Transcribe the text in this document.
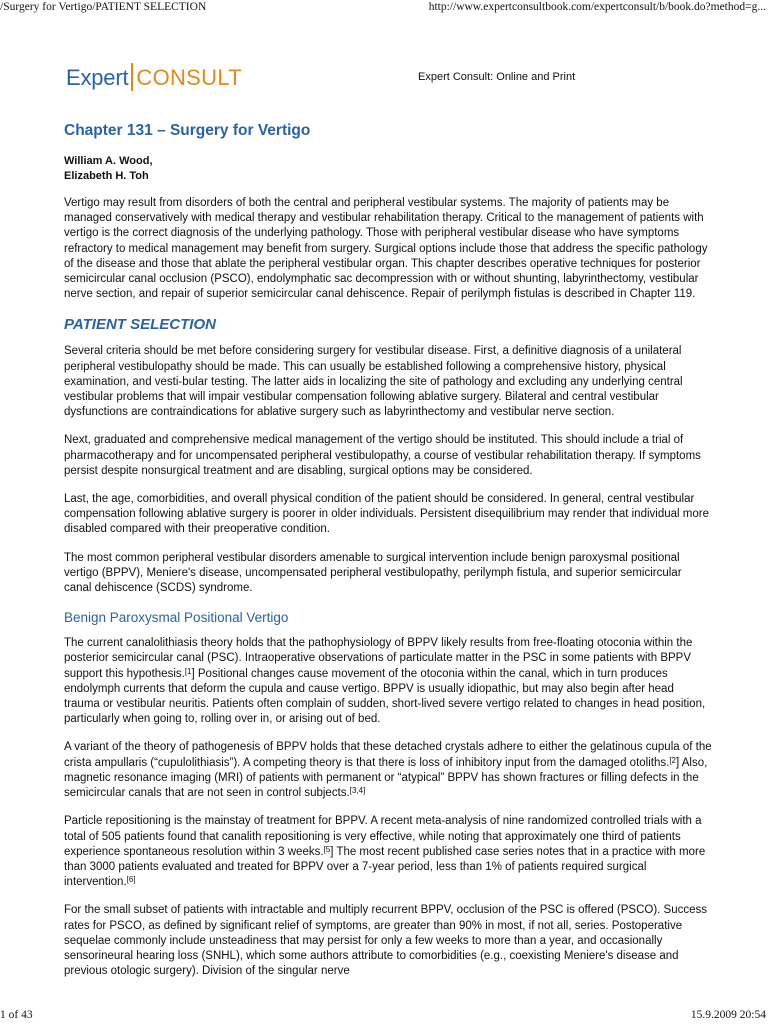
/Surgery for Vertigo/PATIENT SELECTION	http://www.expertconsultbook.com/expertconsult/b/book.do?method=g...
Expert CONSULT	Expert Consult: Online and Print
Chapter 131 – Surgery for Vertigo
William A. Wood,
Elizabeth H. Toh

Vertigo may result from disorders of both the central and peripheral vestibular systems. The majority of patients may be managed conservatively with medical therapy and vestibular rehabilitation therapy. Critical to the management of patients with vertigo is the correct diagnosis of the underlying pathology. Those with peripheral vestibular disease who have symptoms refractory to medical management may benefit from surgery. Surgical options include those that address the specific pathology of the disease and those that ablate the peripheral vestibular organ. This chapter describes operative techniques for posterior semicircular canal occlusion (PSCO), endolymphatic sac decompression with or without shunting, labyrinthectomy, vestibular nerve section, and repair of superior semicircular canal dehiscence. Repair of perilymph fistulas is described in Chapter 119.

PATIENT SELECTION

Several criteria should be met before considering surgery for vestibular disease. First, a definitive diagnosis of a unilateral peripheral vestibulopathy should be made. This can usually be established following a comprehensive history, physical examination, and vesti-bular testing. The latter aids in localizing the site of pathology and excluding any underlying central vestibular problems that will impair vestibular compensation following ablative surgery. Bilateral and central vestibular dysfunctions are contraindications for ablative surgery such as labyrinthectomy and vestibular nerve section.

Next, graduated and comprehensive medical management of the vertigo should be instituted. This should include a trial of pharmacotherapy and for uncompensated peripheral vestibulopathy, a course of vestibular rehabilitation therapy. If symptoms persist despite nonsurgical treatment and are disabling, surgical options may be considered.

Last, the age, comorbidities, and overall physical condition of the patient should be considered. In general, central vestibular compensation following ablative surgery is poorer in older individuals. Persistent disequilibrium may render that individual more disabled compared with their preoperative condition.

The most common peripheral vestibular disorders amenable to surgical intervention include benign paroxysmal positional vertigo (BPPV), Meniere's disease, uncompensated peripheral vestibulopathy, perilymph fistula, and superior semicircular canal dehiscence (SCDS) syndrome.

Benign Paroxysmal Positional Vertigo

The current canalolithiasis theory holds that the pathophysiology of BPPV likely results from free-floating otoconia within the posterior semicircular canal (PSC). Intraoperative observations of particulate matter in the PSC in some patients with BPPV support this hypothesis.$^{[1}$] Positional changes cause movement of the otoconia within the canal, which in turn produces endolymph currents that deform the cupula and cause vertigo. BPPV is usually idiopathic, but may also begin after head trauma or vestibular neuritis. Patients often complain of sudden, short-lived severe vertigo related to changes in head position, particularly when going to, rolling over in, or arising out of bed.

A variant of the theory of pathogenesis of BPPV holds that these detached crystals adhere to either the gelatinous cupula of the crista ampullaris (“cupulolithiasis”). A competing theory is that there is loss of inhibitory input from the damaged otoliths.$^{[2}$] Also, magnetic resonance imaging (MRI) of patients with permanent or “atypical” BPPV has shown fractures or filling defects in the semicircular canals that are not seen in control subjects.[3,4]

Particle repositioning is the mainstay of treatment for BPPV. A recent meta-analysis of nine randomized controlled trials with a total of 505 patients found that canalith repositioning is very effective, while noting that approximately one third of patients experience spontaneous resolution within 3 weeks.$^{[5}$] The most recent published case series notes that in a practice with more than 3000 patients evaluated and treated for BPPV over a 7-year period, less than 1% of patients required surgical intervention.[6]

For the small subset of patients with intractable and multiply recurrent BPPV, occlusion of the PSC is offered (PSCO). Success rates for PSCO, as defined by significant relief of symptoms, are greater than 90% in most, if not all, series. Postoperative sequelae commonly include unsteadiness that may persist for only a few weeks to more than a year, and occasionally sensorineural hearing loss (SNHL), which some authors attribute to comorbidities (e.g., coexisting Meniere's disease and previous otologic surgery). Division of the singular nerve

1 of 43	15.9.2009 20:54
